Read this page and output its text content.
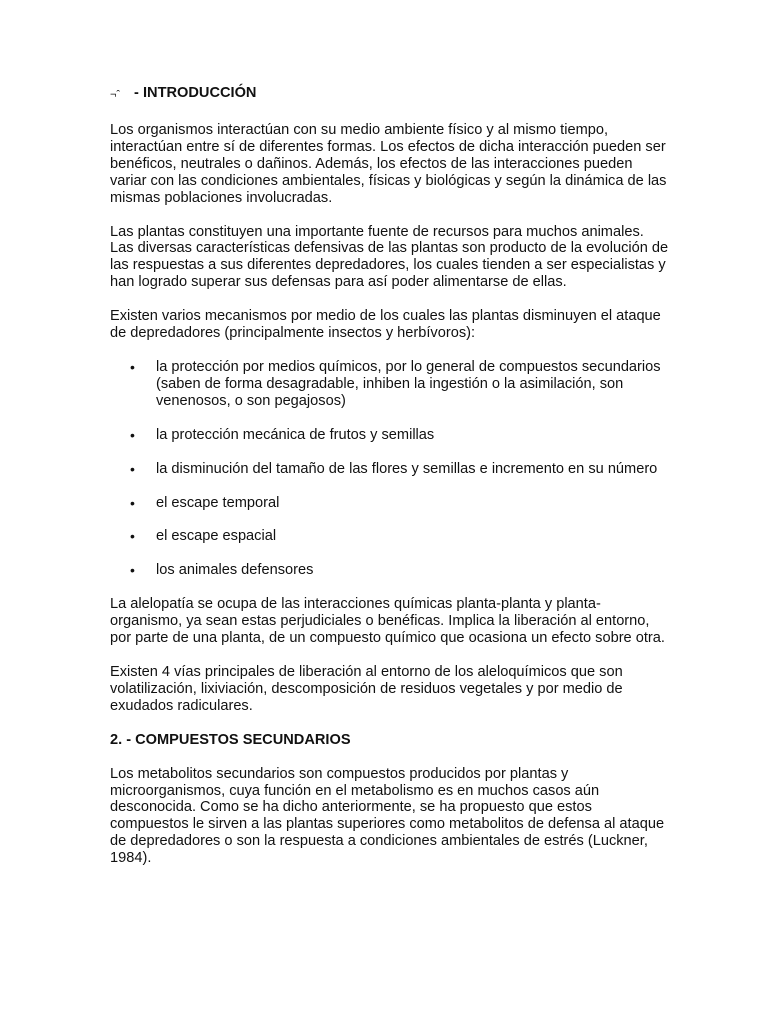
¬ˆ - INTRODUCCIÓN

Los organismos interactúan con su medio ambiente físico y al mismo tiempo, interactúan entre sí de diferentes formas. Los efectos de dicha interacción pueden ser benéficos, neutrales o dañinos. Además, los efectos de las interacciones pueden variar con las condiciones ambientales, físicas y biológicas y según la dinámica de las mismas poblaciones involucradas.

Las plantas constituyen una importante fuente de recursos para muchos animales. Las diversas características defensivas de las plantas son producto de la evolución de las respuestas a sus diferentes depredadores, los cuales tienden a ser especialistas y han logrado superar sus defensas para así poder alimentarse de ellas.

Existen varios mecanismos por medio de los cuales las plantas disminuyen el ataque de depredadores (principalmente insectos y herbívoros):

• la protección por medios químicos, por lo general de compuestos secundarios (saben de forma desagradable, inhiben la ingestión o la asimilación, son venenosos, o son pegajosos)
• la protección mecánica de frutos y semillas
• la disminución del tamaño de las flores y semillas e incremento en su número
• el escape temporal
• el escape espacial
• los animales defensores

La alelopatía se ocupa de las interacciones químicas planta-planta y planta-organismo, ya sean estas perjudiciales o benéficas. Implica la liberación al entorno, por parte de una planta, de un compuesto químico que ocasiona un efecto sobre otra.

Existen 4 vías principales de liberación al entorno de los aleloquímicos que son volatilización, lixiviación, descomposición de residuos vegetales y por medio de exudados radiculares.

2. - COMPUESTOS SECUNDARIOS

Los metabolitos secundarios son compuestos producidos por plantas y microorganismos, cuya función en el metabolismo es en muchos casos aún desconocida. Como se ha dicho anteriormente, se ha propuesto que estos compuestos le sirven a las plantas superiores como metabolitos de defensa al ataque de depredadores o son la respuesta a condiciones ambientales de estrés (Luckner, 1984).
